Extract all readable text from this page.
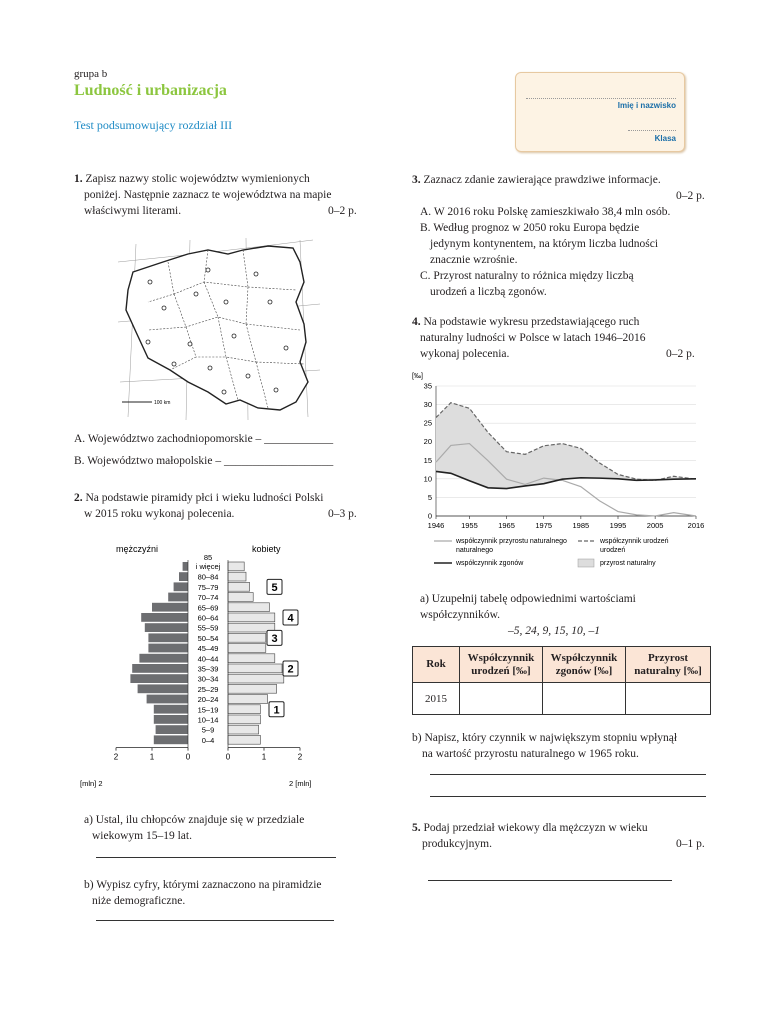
grupa b
Ludność i urbanizacja
Test podsumowujący rozdział III
Imię i nazwisko
Klasa
1. Zapisz nazwy stolic województw wymienionych
poniżej. Następnie zaznacz te województwa na mapie
właściwymi literami.	0–2 p.
100 km
A. Województwo zachodniopomorskie – ____________
B. Województwo małopolskie – ___________________
2. Na podstawie piramidy płci i wieku ludności Polski
w 2015 roku wykonaj polecenia.	0–3 p.
mężczyźni	kobiety
[mln] 2	2 [mln]
85
i więcej
80–84
75–79
70–74
65–69
60–64
55–59
50–54
45–49
40–44
35–39
30–34
25–29
20–24
15–19
10–14
5–9
0–4
2	1	0	0	1	2
5
4
3
2
1
a) Ustal, ilu chłopców znajduje się w przedziale
wiekowym 15–19 lat.
b) Wypisz cyfry, którymi zaznaczono na piramidzie
niże demograficzne.
3. Zaznacz zdanie zawierające prawdziwe informacje.
0–2 p.
A. W 2016 roku Polskę zamieszkiwało 38,4 mln osób.
B. Według prognoz w 2050 roku Europa będzie
jedynym kontynentem, na którym liczba ludności
znacznie wzrośnie.
C. Przyrost naturalny to różnica między liczbą
urodzeń a liczbą zgonów.
4. Na podstawie wykresu przedstawiającego ruch
naturalny ludności w Polsce w latach 1946–2016
wykonaj polecenia.	0–2 p.
[‰]
35
30
25
20
15
10
5
0
1946 1955	1965	1975	1985	1995	2005	2016
współczynnik przyrostu naturalnego
naturalnego
współczynnik urodzeń
urodzeń
współczynnik zgonów	przyrost naturalny
a) Uzupełnij tabelę odpowiednimi wartościami
współczynników.
–5, 24, 9, 15, 10, –1
Rok	Współczynnik urodzeń [‰]	Współczynnik zgonów [‰]	Przyrost naturalny [‰]
2015			
b) Napisz, który czynnik w największym stopniu wpłynął
na wartość przyrostu naturalnego w 1965 roku.
5. Podaj przedział wiekowy dla mężczyzn w wieku
produkcyjnym.	0–1 p.
